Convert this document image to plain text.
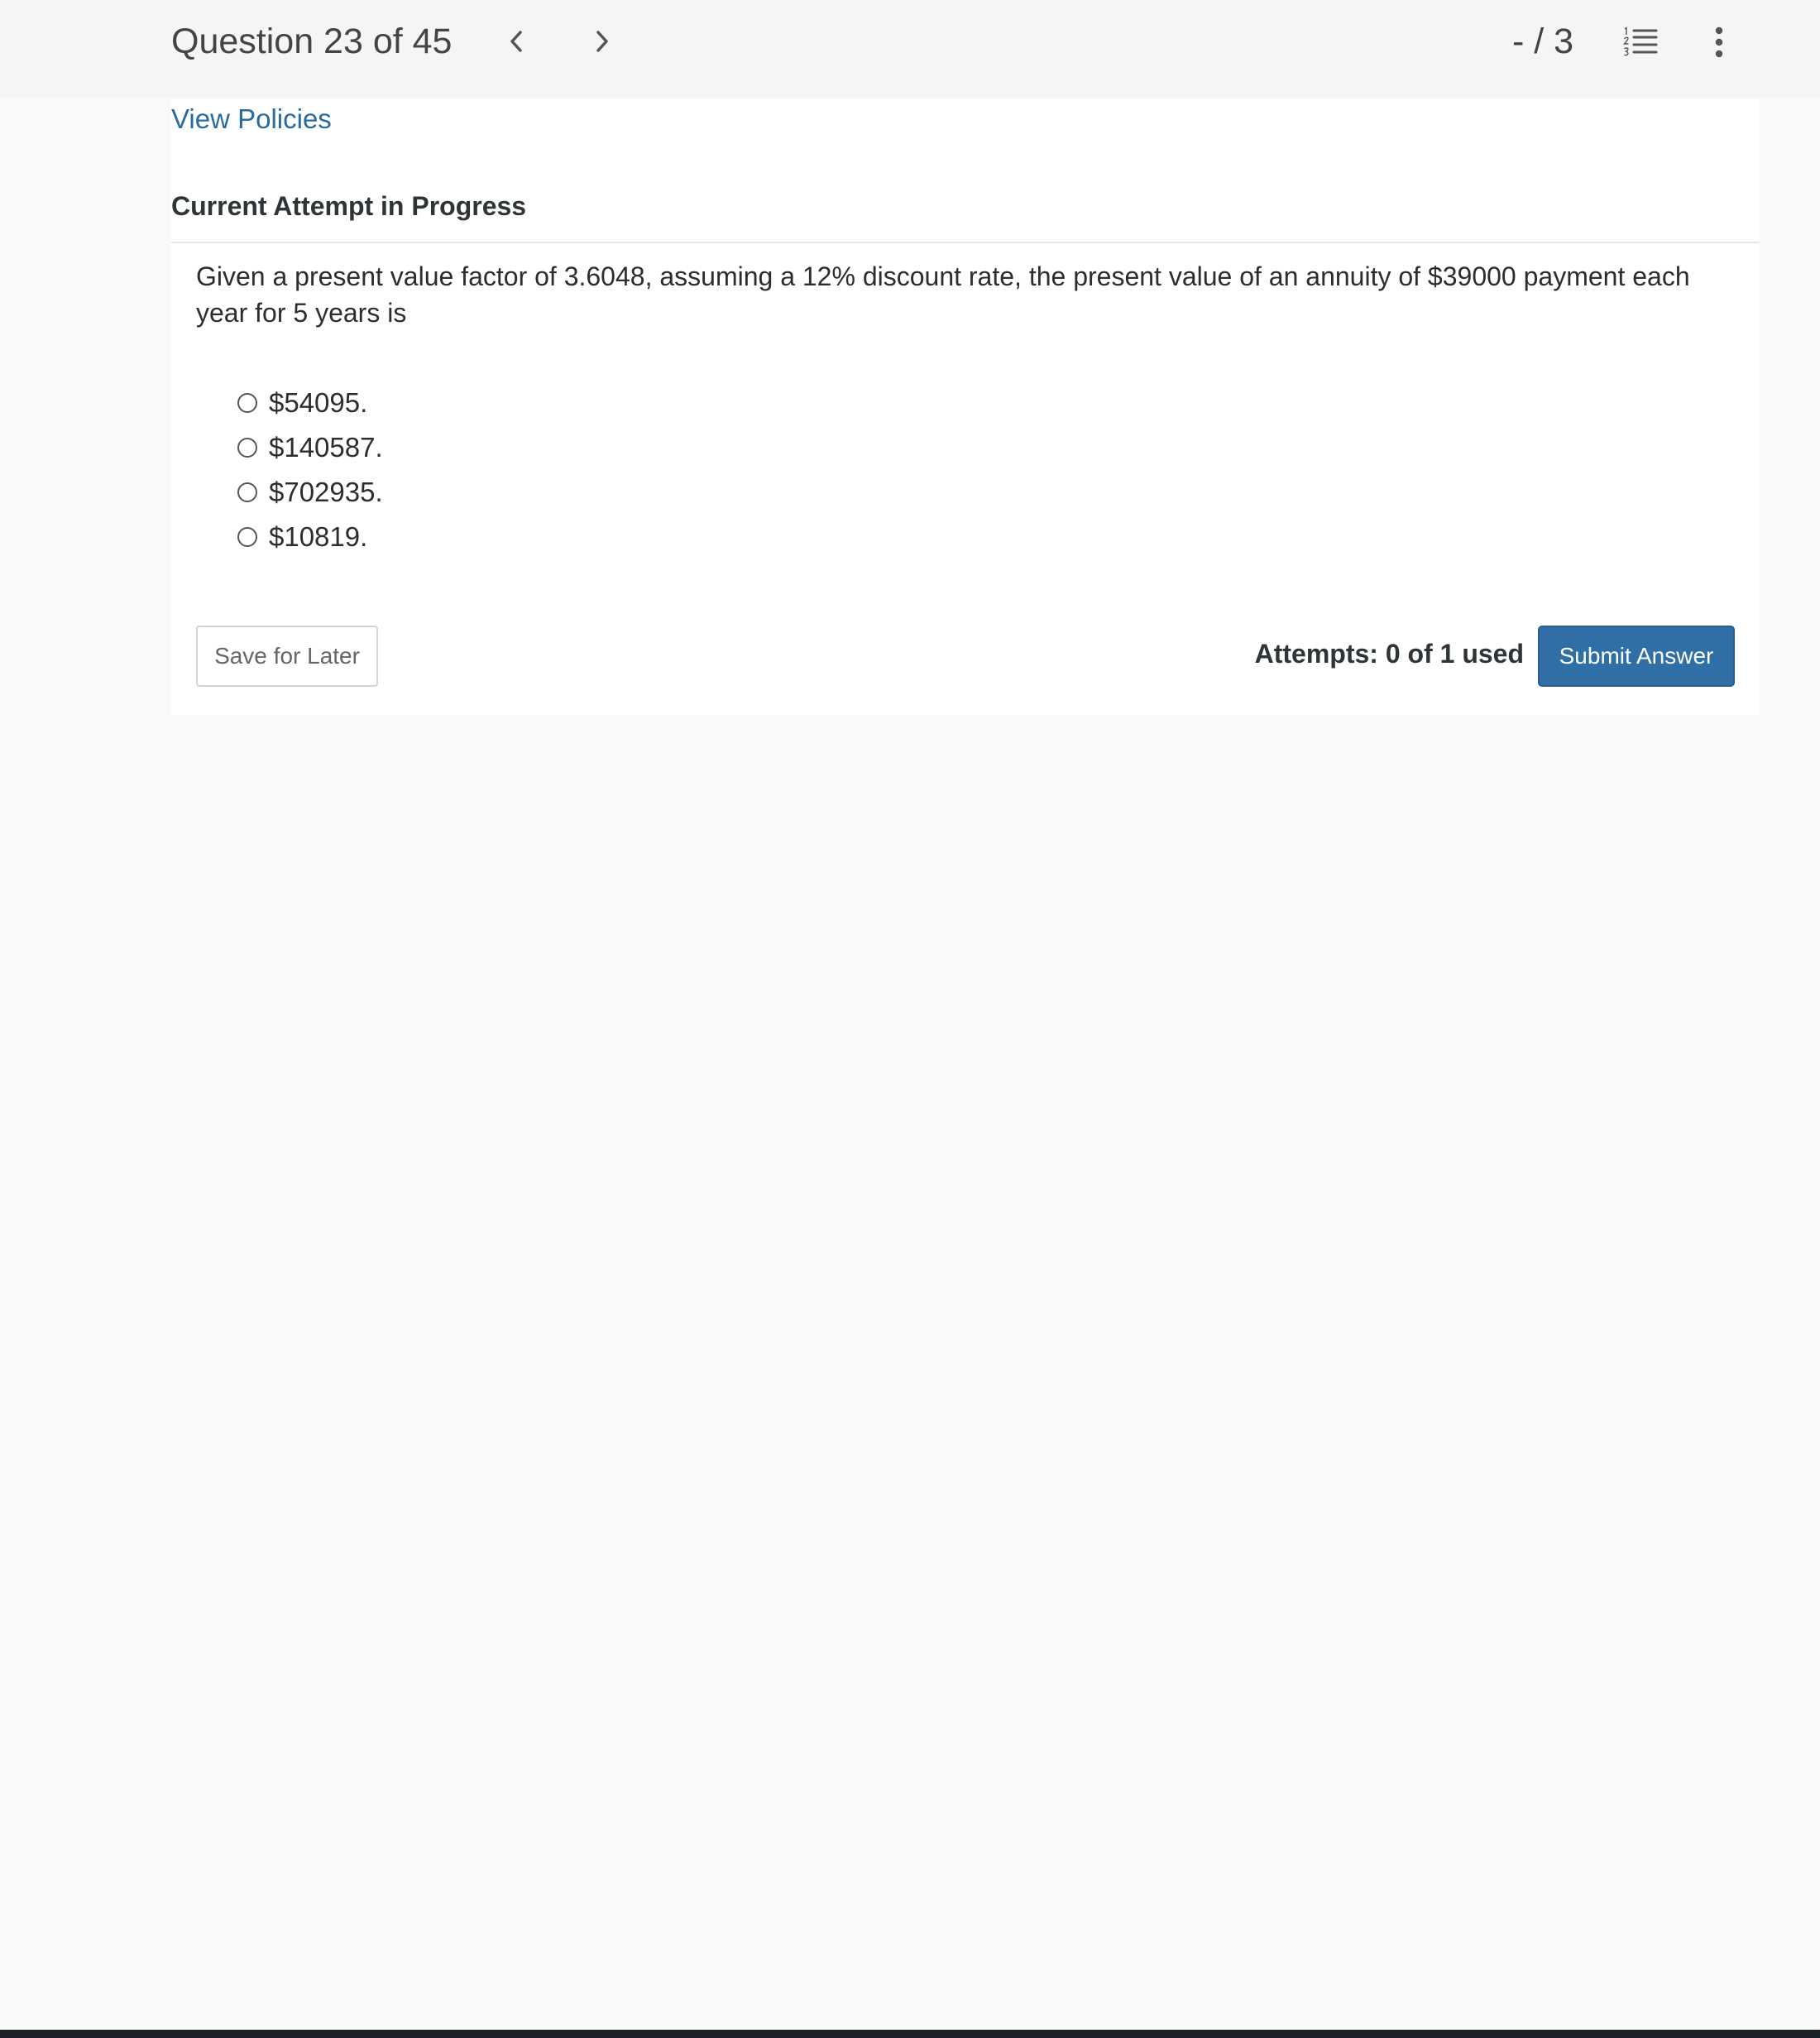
Question 23 of 45	- / 3
View Policies
Current Attempt in Progress
Given a present value factor of 3.6048, assuming a 12% discount rate, the present value of an annuity of $39000 payment each year for 5 years is
$54095.
$140587.
$702935.
$10819.
Save for Later	Attempts: 0 of 1 used	Submit Answer
